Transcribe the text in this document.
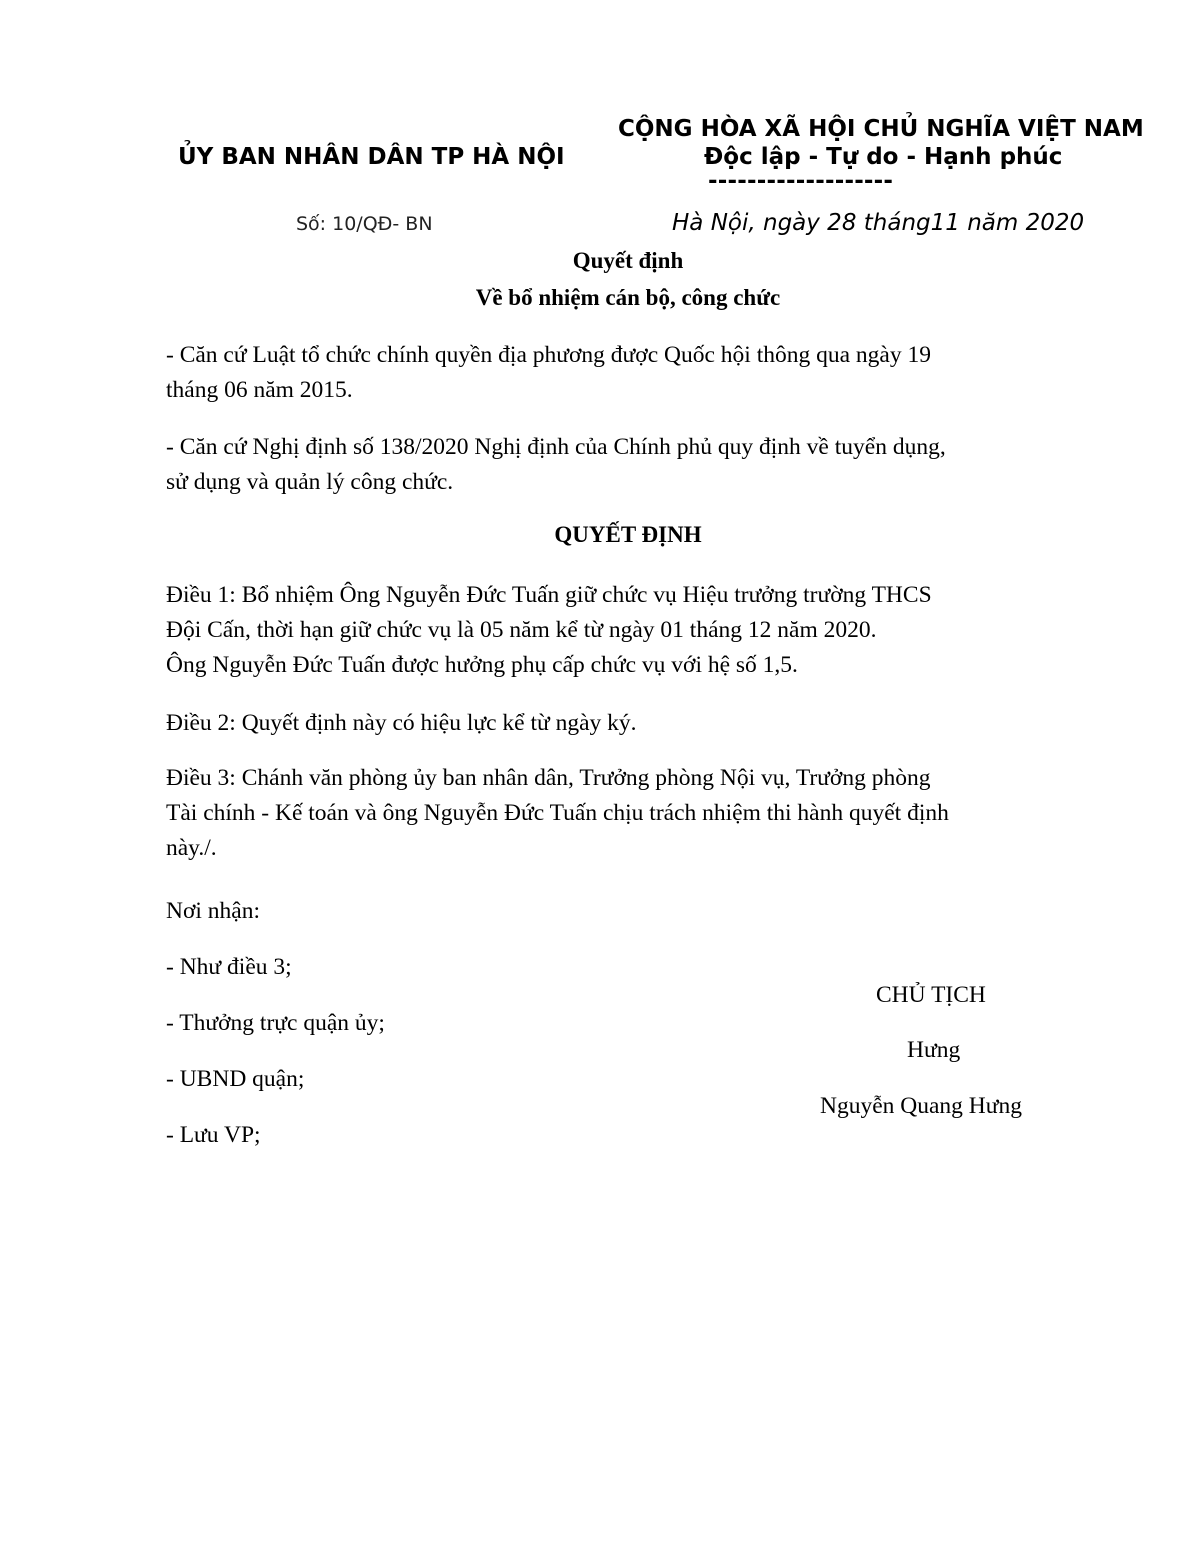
ỦY BAN NHÂN DÂN TP HÀ NỘI
CỘNG HÒA XÃ HỘI CHỦ NGHĨA VIỆT NAM
Độc lập - Tự do - Hạnh phúc
-------------------
Số: 10/QĐ- BN	Hà Nội, ngày 28 tháng11 năm 2020
Quyết định
Về bổ nhiệm cán bộ, công chức
- Căn cứ Luật tổ chức chính quyền địa phương được Quốc hội thông qua ngày 19
tháng 06 năm 2015.
- Căn cứ Nghị định số 138/2020 Nghị định của Chính phủ quy định về tuyển dụng,
sử dụng và quản lý công chức.
QUYẾT ĐỊNH
Điều 1: Bổ nhiệm Ông Nguyễn Đức Tuấn giữ chức vụ Hiệu trưởng trường THCS
Đội Cấn, thời hạn giữ chức vụ là 05 năm kể từ ngày 01 tháng 12 năm 2020.
Ông Nguyễn Đức Tuấn được hưởng phụ cấp chức vụ với hệ số 1,5.
Điều 2: Quyết định này có hiệu lực kể từ ngày ký.
Điều 3: Chánh văn phòng ủy ban nhân dân, Trưởng phòng Nội vụ, Trưởng phòng
Tài chính - Kế toán và ông Nguyễn Đức Tuấn chịu trách nhiệm thi hành quyết định
này./.
Nơi nhận:
- Như điều 3;
- Thưởng trực quận ủy;
- UBND quận;
- Lưu VP;
CHỦ TỊCH
Hưng
Nguyễn Quang Hưng
